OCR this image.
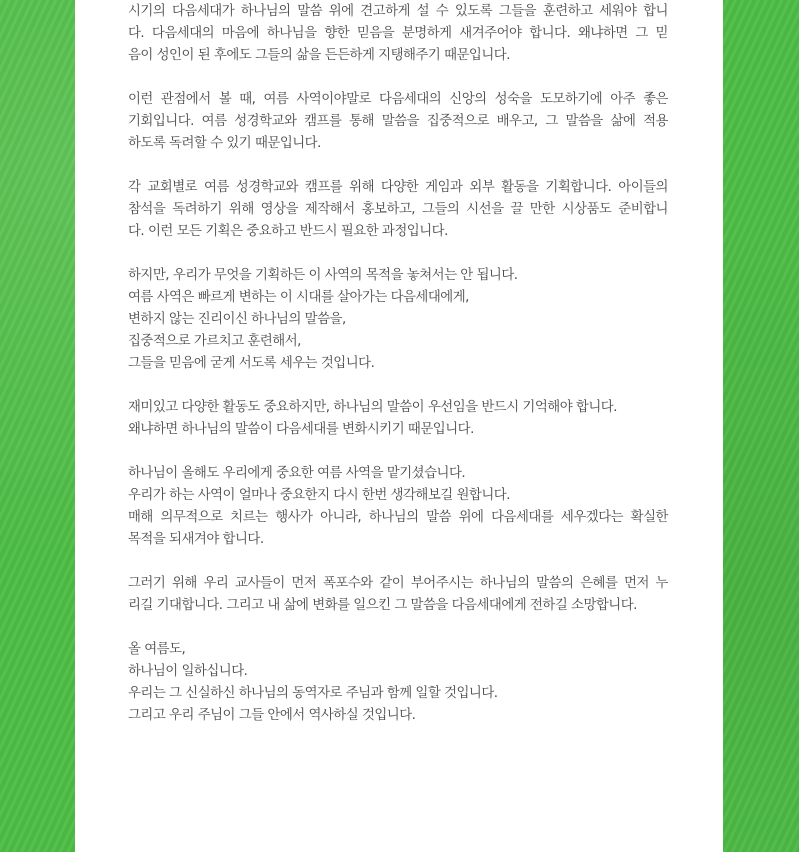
시기의 다음세대가 하나님의 말씀 위에 견고하게 설 수 있도록 그들을 훈련하고 세워야 합니
다. 다음세대의 마음에 하나님을 향한 믿음을 분명하게 새겨주어야 합니다. 왜냐하면 그 믿
음이 성인이 된 후에도 그들의 삶을 든든하게 지탱해주기 때문입니다.

이런 관점에서 볼 때, 여름 사역이야말로 다음세대의 신앙의 성숙을 도모하기에 아주 좋은
기회입니다. 여름 성경학교와 캠프를 통해 말씀을 집중적으로 배우고, 그 말씀을 삶에 적용
하도록 독려할 수 있기 때문입니다.

각 교회별로 여름 성경학교와 캠프를 위해 다양한 게임과 외부 활동을 기획합니다. 아이들의
참석을 독려하기 위해 영상을 제작해서 홍보하고, 그들의 시선을 끌 만한 시상품도 준비합니
다. 이런 모든 기획은 중요하고 반드시 필요한 과정입니다.

하지만, 우리가 무엇을 기획하든 이 사역의 목적을 놓쳐서는 안 됩니다.
여름 사역은 빠르게 변하는 이 시대를 살아가는 다음세대에게,
변하지 않는 진리이신 하나님의 말씀을,
집중적으로 가르치고 훈련해서,
그들을 믿음에 굳게 서도록 세우는 것입니다.

재미있고 다양한 활동도 중요하지만, 하나님의 말씀이 우선임을 반드시 기억해야 합니다.
왜냐하면 하나님의 말씀이 다음세대를 변화시키기 때문입니다.

하나님이 올해도 우리에게 중요한 여름 사역을 맡기셨습니다.
우리가 하는 사역이 얼마나 중요한지 다시 한번 생각해보길 원합니다.
매해 의무적으로 치르는 행사가 아니라, 하나님의 말씀 위에 다음세대를 세우겠다는 확실한
목적을 되새겨야 합니다.

그러기 위해 우리 교사들이 먼저 폭포수와 같이 부어주시는 하나님의 말씀의 은혜를 먼저 누
리길 기대합니다. 그리고 내 삶에 변화를 일으킨 그 말씀을 다음세대에게 전하길 소망합니다.

올 여름도,
하나님이 일하십니다.
우리는 그 신실하신 하나님의 동역자로 주님과 함께 일할 것입니다.
그리고 우리 주님이 그들 안에서 역사하실 것입니다.
